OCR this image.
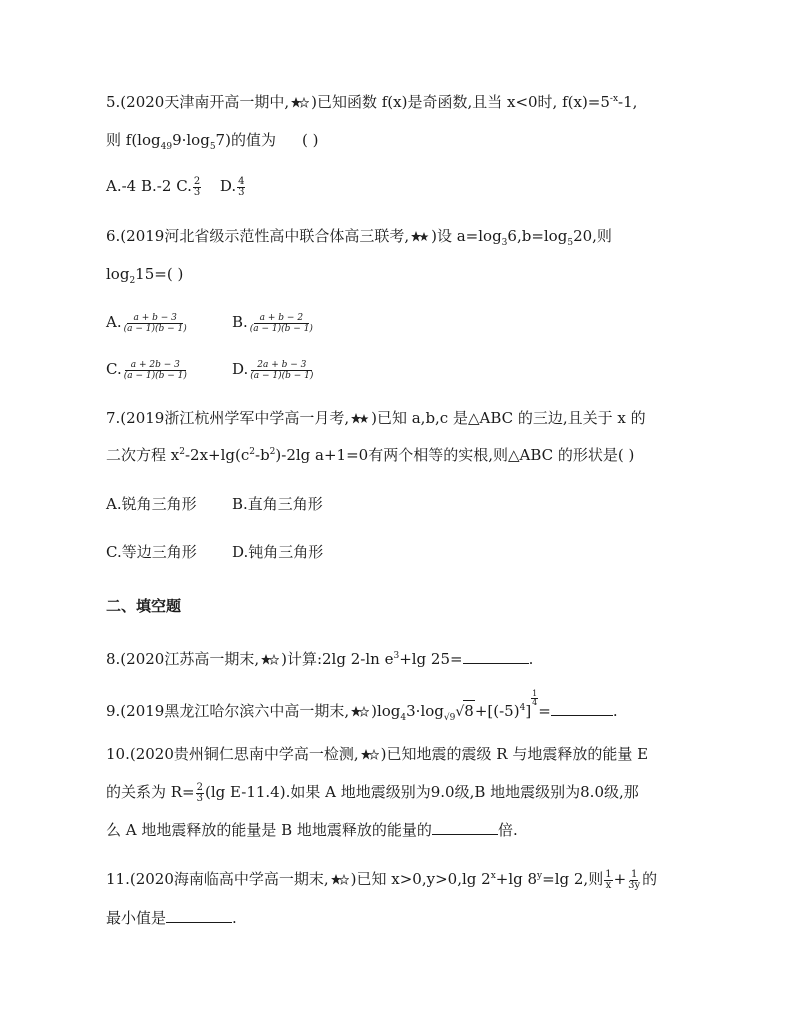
5.(2020天津南开高一期中, )已知函数 f(x)是奇函数,且当 x<0时, $f(x)=5^{-x}-1$,
则 $f(\log_{49}9\cdot\log_57)$的值为 ( )
A.-4 B.-2 C. $\frac{2}{3} D$. $\frac{4}{3}$
6.(2019河北省级示范性高中联合体高三联考, )设 $a=\log_36,b=\log_520$,则
$\log_215=$( )
A. $\frac{a + b - 3}{(a - 1)(b - 1)}$	B. $\frac{a + b - 2}{(a - 1)(b - 1)}$
C. $\frac{a + 2b - 3}{(a - 1)(b - 1)}$	D. $\frac{2a + b - 3}{(a - 1)(b - 1)}$
7.(2019浙江杭州学军中学高一月考, )已知 a,b,c 是△ABC 的三边,且关于 x 的
二次方程 $x^2-2x+\lg(c^2-b^2)-2\lg$ a+1=0有两个相等的实根,则△ABC 的形状是( )
A.锐角三角形 B.直角三角形
C.等边三角形 D.钝角三角形
二、填空题
8.(2020江苏高一期末, )计算:2lg 2-ln $e^3+\lg$ 25=	.
9.(2019黑龙江哈尔滨六中高一期末, )$\log_43\cdot\log_{√9}√8+[(-5)^4]$
$\frac{1}{4}$
=	.
10.(2020贵州铜仁思南中学高一检测, )已知地震的震级 R 与地震释放的能量 E
的关系为 $R= \frac{2}{3} (\lg$ E-11.4).如果 A 地地震级别为9.0级,B 地地震级别为8.0级,那
么 A 地地震释放的能量是 B 地地震释放的能量的	倍.
11.(2020海南临高中学高一期末, )已知 x>0,y>0,lg $2^x+\lg$ $8^y=\lg$ 2,则 $\frac{1}{x} + \frac{1}{3y}$ 的
最小值是	.
